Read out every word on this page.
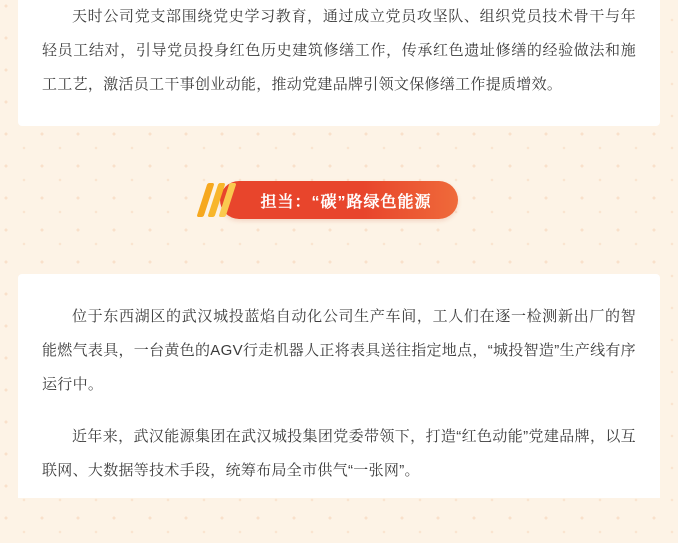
天时公司党支部围绕党史学习教育，通过成立党员攻坚队、组织党员技术骨干与年轻员工结对，引导党员投身红色历史建筑修缮工作，传承红色遗址修缮的经验做法和施工工艺，激活员工干事创业动能，推动党建品牌引领文保修缮工作提质增效。

担当：“碳”路绿色能源

位于东西湖区的武汉城投蓝焰自动化公司生产车间，工人们在逐一检测新出厂的智能燃气表具，一台黄色的AGV行走机器人正将表具送往指定地点，“城投智造”生产线有序运行中。

近年来，武汉能源集团在武汉城投集团党委带领下，打造“红色动能”党建品牌，以互联网、大数据等技术手段，统筹布局全市供气“一张网”。
